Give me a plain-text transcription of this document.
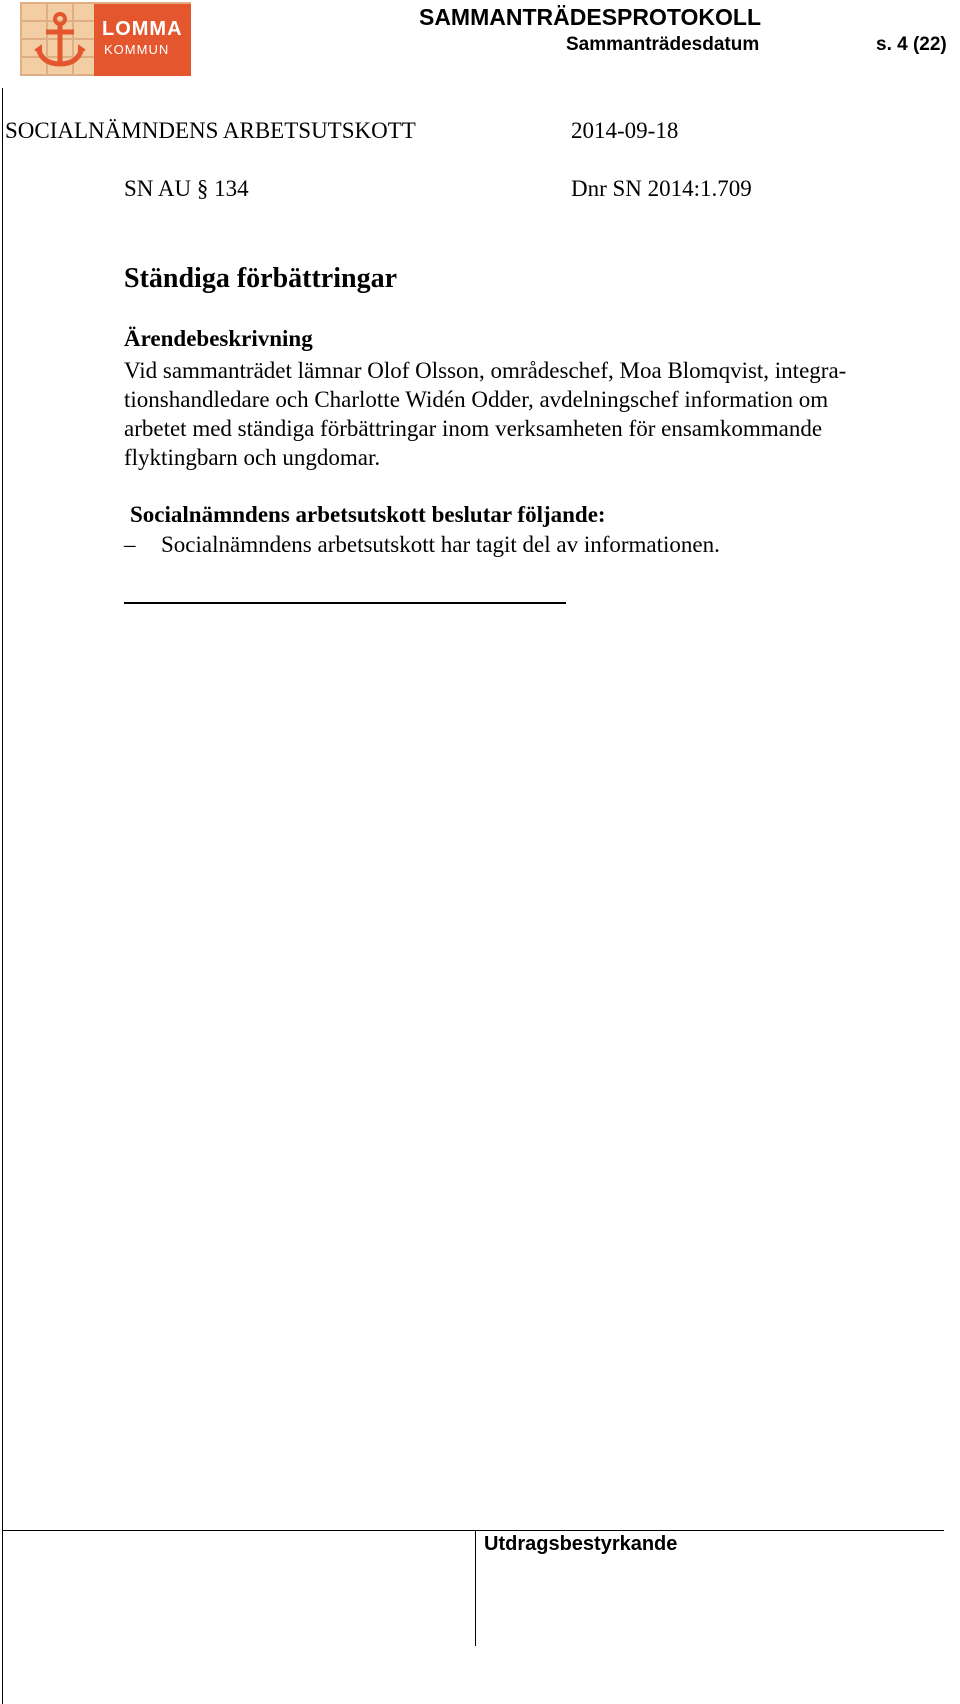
LOMMA
KOMMUN
SAMMANTRÄDESPROTOKOLL
Sammanträdesdatum	s. 4 (22)
SOCIALNÄMNDENS ARBETSUTSKOTT	2014-09-18
SN AU § 134	Dnr SN 2014:1.709
Ständiga förbättringar
Ärendebeskrivning
Vid sammanträdet lämnar Olof Olsson, områdeschef, Moa Blomqvist, integra-
tionshandledare och Charlotte Widén Odder, avdelningschef information om
arbetet med ständiga förbättringar inom verksamheten för ensamkommande
flyktingbarn och ungdomar.
Socialnämndens arbetsutskott beslutar följande:
– Socialnämndens arbetsutskott har tagit del av informationen.
Utdragsbestyrkande
